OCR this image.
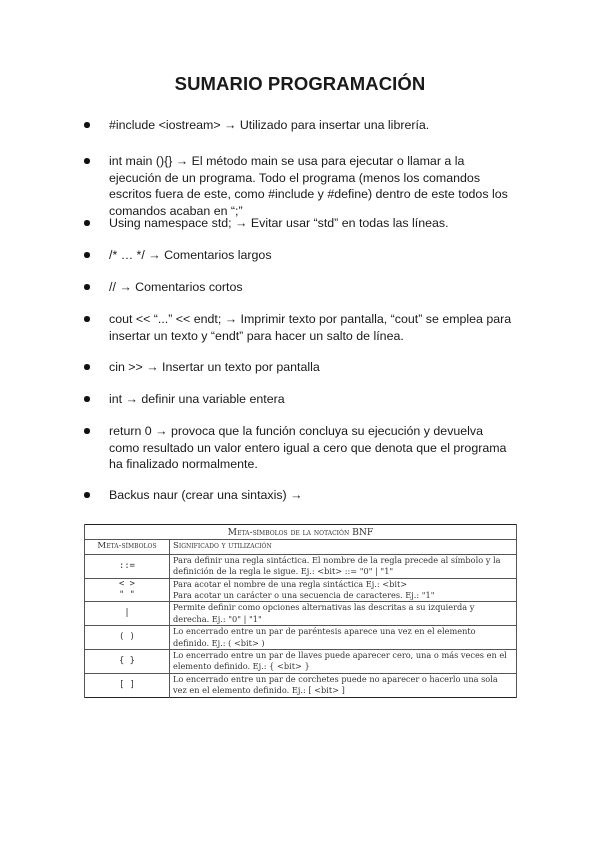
SUMARIO PROGRAMACIÓN
#include <iostream> → Utilizado para insertar una librería.
int main (){} → El método main se usa para ejecutar o llamar a la ejecución de un programa. Todo el programa (menos los comandos escritos fuera de este, como #include y #define) dentro de este todos los comandos acaban en “;”
Using namespace std; → Evitar usar “std” en todas las líneas.
/* … */ → Comentarios largos
// → Comentarios cortos
cout << “...” << endt; → Imprimir texto por pantalla, “cout” se emplea para insertar un texto y “endt” para hacer un salto de línea.
cin >> → Insertar un texto por pantalla
int → definir una variable entera
return 0 → provoca que la función concluya su ejecución y devuelva como resultado un valor entero igual a cero que denota que el programa ha finalizado normalmente.
Backus naur (crear una sintaxis) →
Meta-símbolos de la notación BNF	
Meta-símbolos	Significado y utilización
::=	Para definir una regla sintáctica. El nombre de la regla precede al símbolo y la definición de la regla le sigue. Ej.: <bit> ::= "0" | "1"
< >	Para acotar el nombre de una regla sintáctica Ej.: <bit>
" "	Para acotar un carácter o una secuencia de caracteres. Ej.: "1"
|	Permite definir como opciones alternativas las descritas a su izquierda y derecha. Ej.: "0" | "1"
( )	Lo encerrado entre un par de paréntesis aparece una vez en el elemento definido. Ej.: ( <bit> )
{ }	Lo encerrado entre un par de llaves puede aparecer cero, una o más veces en el elemento definido. Ej.: { <bit> }
[ ]	Lo encerrado entre un par de corchetes puede no aparecer o hacerlo una sola vez en el elemento definido. Ej.: [ <bit> ]
